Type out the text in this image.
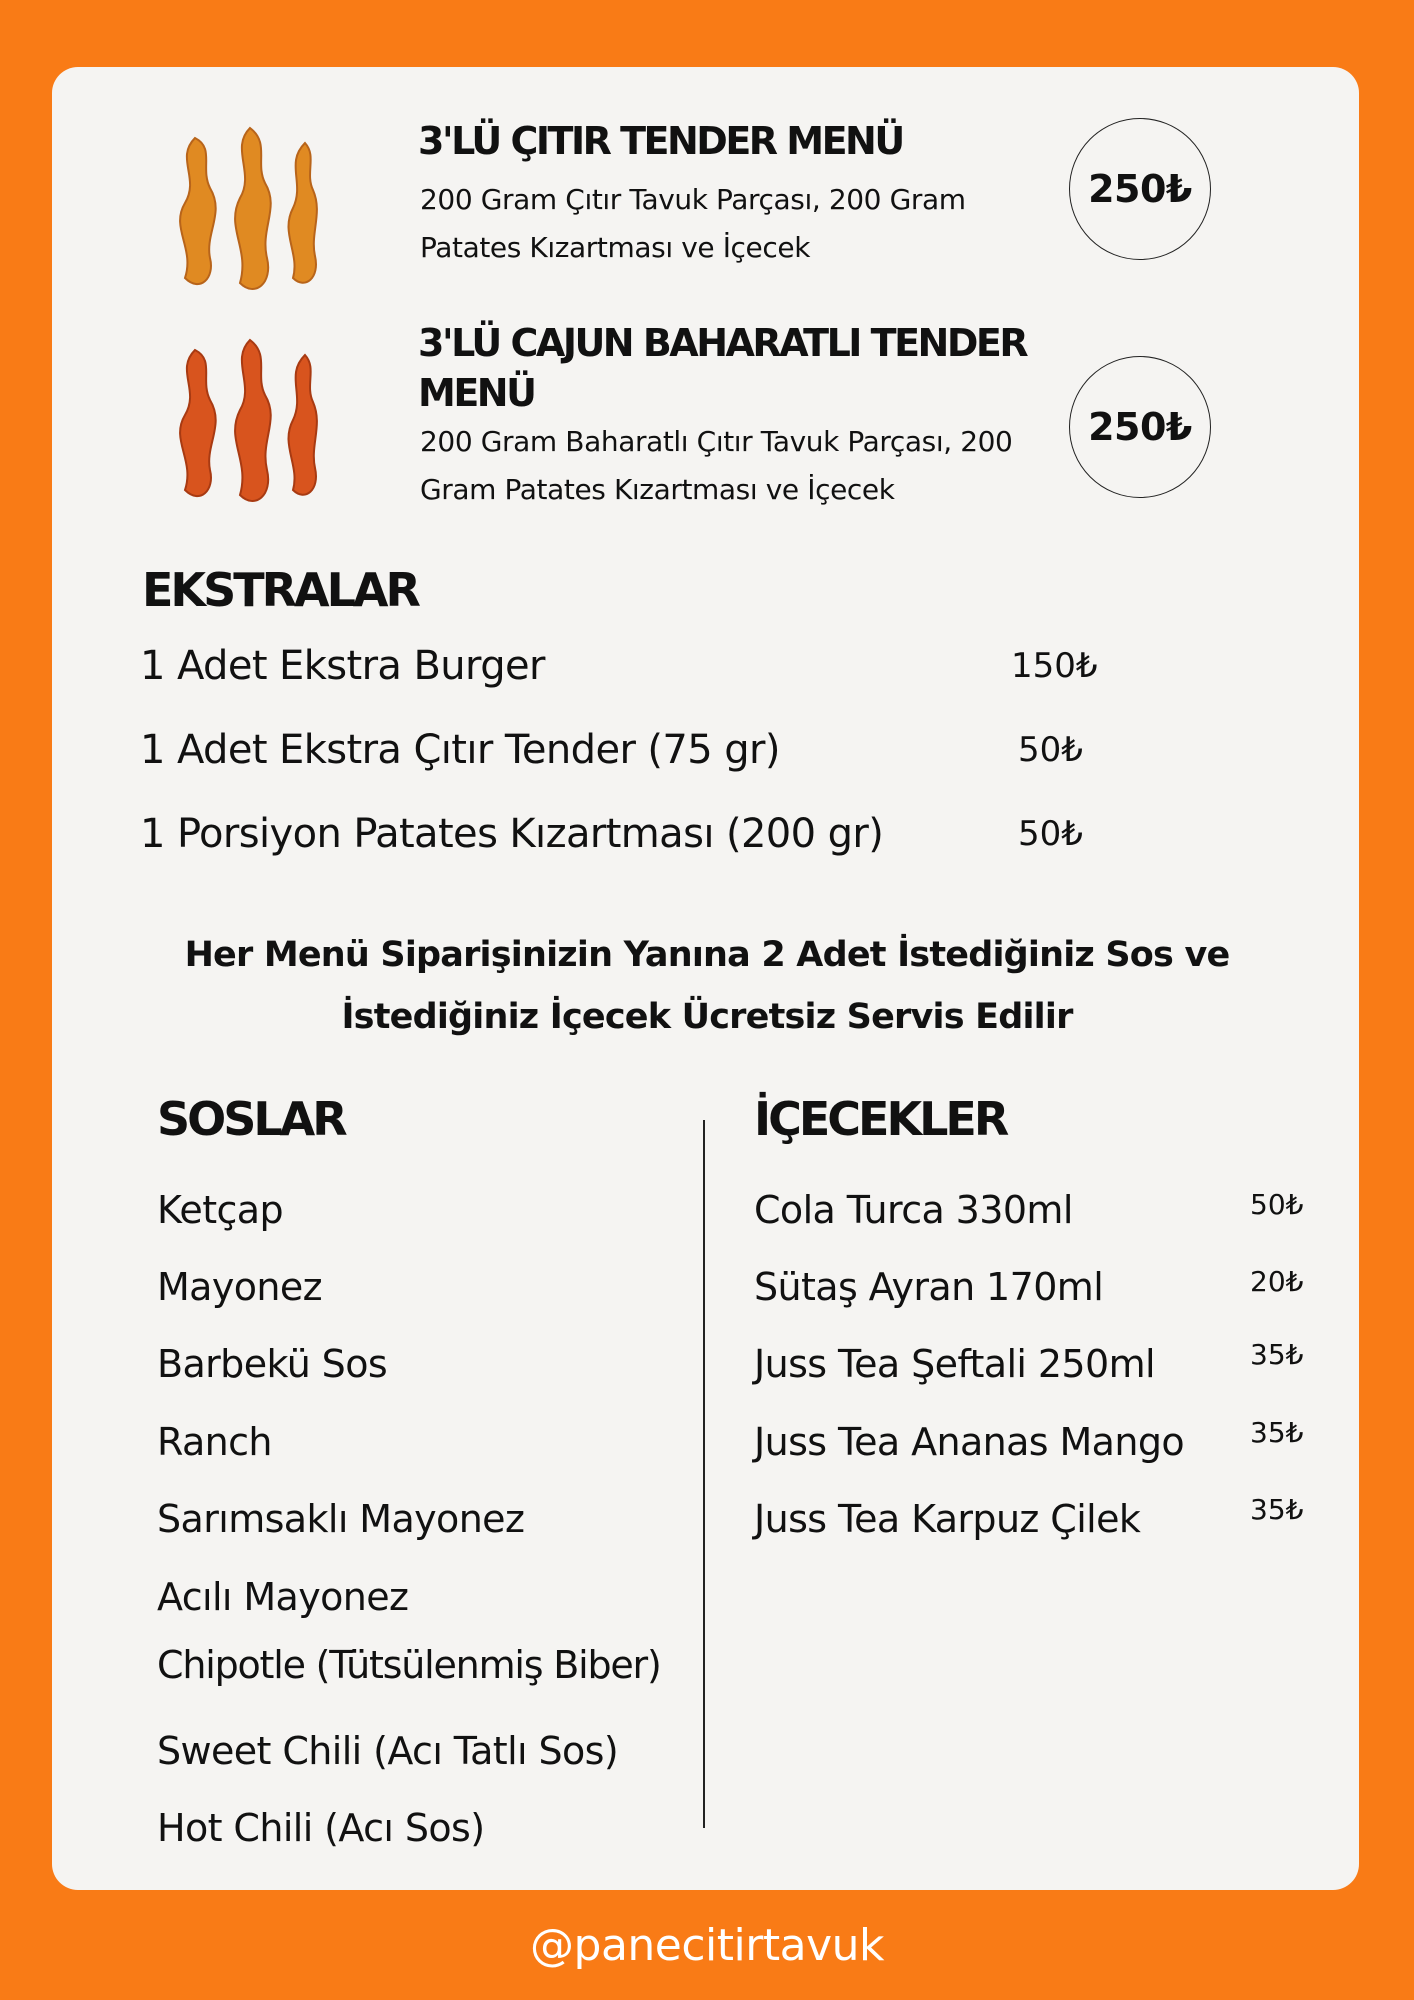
3'LÜ ÇITIR TENDER MENÜ
200 Gram Çıtır Tavuk Parçası, 200 Gram
Patates Kızartması ve İçecek
250₺
3'LÜ CAJUN BAHARATLI TENDER
MENÜ
200 Gram Baharatlı Çıtır Tavuk Parçası, 200
Gram Patates Kızartması ve İçecek
250₺
EKSTRALAR
1 Adet Ekstra Burger	150₺
1 Adet Ekstra Çıtır Tender (75 gr)	50₺
1 Porsiyon Patates Kızartması (200 gr)	50₺
Her Menü Siparişinizin Yanına 2 Adet İstediğiniz Sos ve
İstediğiniz İçecek Ücretsiz Servis Edilir
SOSLAR
Ketçap
Mayonez
Barbekü Sos
Ranch
Sarımsaklı Mayonez
Acılı Mayonez
Chipotle (Tütsülenmiş Biber)
Sweet Chili (Acı Tatlı Sos)
Hot Chili (Acı Sos)
İÇECEKLER
Cola Turca 330ml	50₺
Sütaş Ayran 170ml	20₺
Juss Tea Şeftali 250ml	35₺
Juss Tea Ananas Mango 35₺
Juss Tea Karpuz Çilek	35₺
@panecitirtavuk
